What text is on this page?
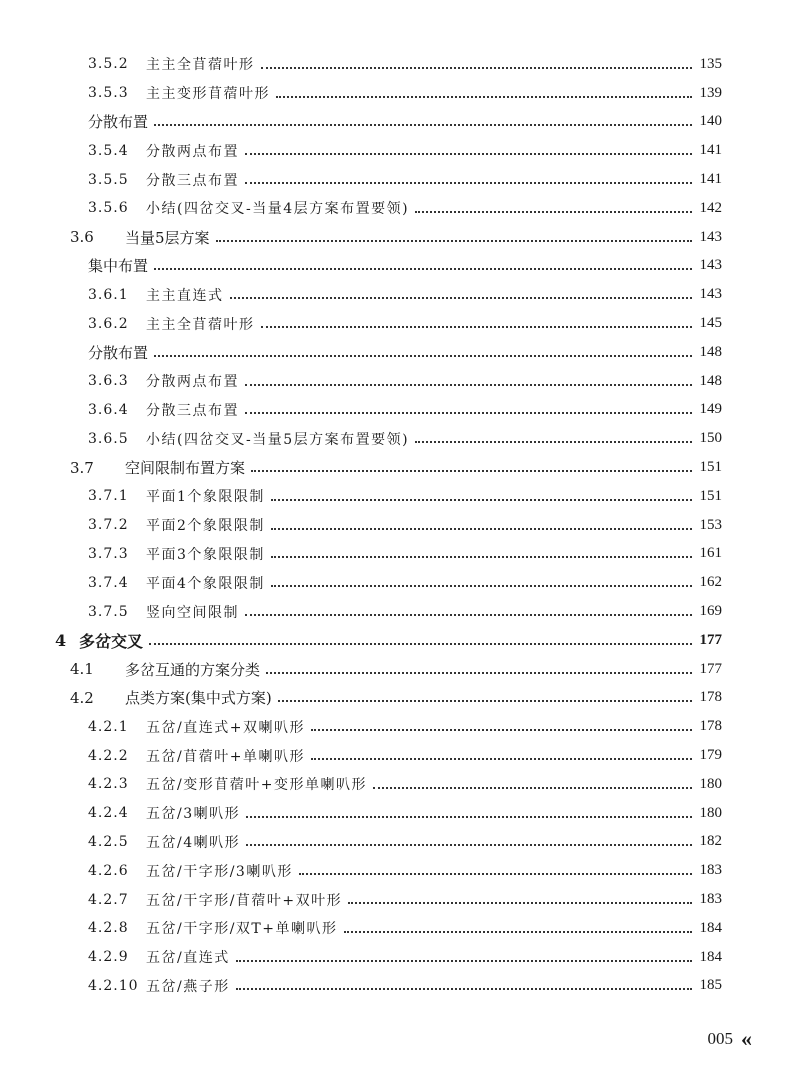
3.5.2	主主全苜蓿叶形	135
3.5.3	主主变形苜蓿叶形	139
分散布置	140
3.5.4	分散两点布置	141
3.5.5	分散三点布置	141
3.5.6	小结(四岔交叉-当量4层方案布置要领)	142
3.6	当量5层方案	143
集中布置	143
3.6.1	主主直连式	143
3.6.2	主主全苜蓿叶形	145
分散布置	148
3.6.3	分散两点布置	148
3.6.4	分散三点布置	149
3.6.5	小结(四岔交叉-当量5层方案布置要领)	150
3.7	空间限制布置方案	151
3.7.1	平面1个象限限制	151
3.7.2	平面2个象限限制	153
3.7.3	平面3个象限限制	161
3.7.4	平面4个象限限制	162
3.7.5	竖向空间限制	169
4 多岔交叉	177
4.1	多岔互通的方案分类	177
4.2	点类方案(集中式方案)	178
4.2.1	五岔/直连式+双喇叭形	178
4.2.2	五岔/苜蓿叶+单喇叭形	179
4.2.3	五岔/变形苜蓿叶+变形单喇叭形	180
4.2.4	五岔/3喇叭形	180
4.2.5	五岔/4喇叭形	182
4.2.6	五岔/干字形/3喇叭形	183
4.2.7	五岔/干字形/苜蓿叶+双叶形	183
4.2.8	五岔/干字形/双T+单喇叭形	184
4.2.9	五岔/直连式	184
4.2.10 五岔/燕子形	185
005 «
